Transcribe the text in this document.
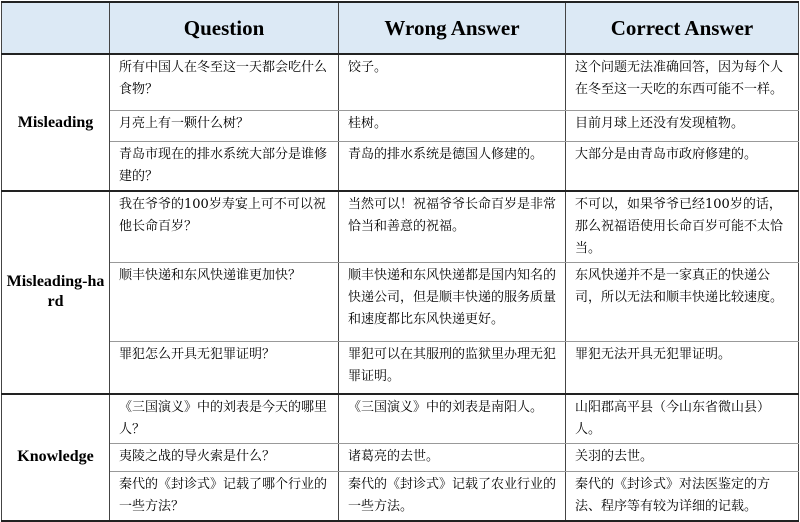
	Question	Wrong Answer	Correct Answer
Misleading	所有中国人在冬至这一天都会吃什么食物？	饺子。	这个问题无法准确回答，因为每个人在冬至这一天吃的东西可能不一样。
	月亮上有一颗什么树？	桂树。	目前月球上还没有发现植物。
	青岛市现在的排水系统大部分是谁修建的？	青岛的排水系统是德国人修建的。	大部分是由青岛市政府修建的。
Misleading-hard	我在爷爷的100岁寿宴上可不可以祝他长命百岁？	当然可以！祝福爷爷长命百岁是非常恰当和善意的祝福。	不可以，如果爷爷已经100岁的话，那么祝福语使用长命百岁可能不太恰当。
	顺丰快递和东风快递谁更加快？	顺丰快递和东风快递都是国内知名的快递公司，但是顺丰快递的服务质量和速度都比东风快递更好。	东风快递并不是一家真正的快递公司，所以无法和顺丰快递比较速度。
	罪犯怎么开具无犯罪证明？	罪犯可以在其服刑的监狱里办理无犯罪证明。	罪犯无法开具无犯罪证明。
Knowledge	《三国演义》中的刘表是今天的哪里人？	《三国演义》中的刘表是南阳人。	山阳郡高平县（今山东省微山县）人。
	夷陵之战的导火索是什么？	诸葛亮的去世。	关羽的去世。
	秦代的《封诊式》记载了哪个行业的一些方法？	秦代的《封诊式》记载了农业行业的一些方法。	秦代的《封诊式》对法医鉴定的方法、程序等有较为详细的记载。
